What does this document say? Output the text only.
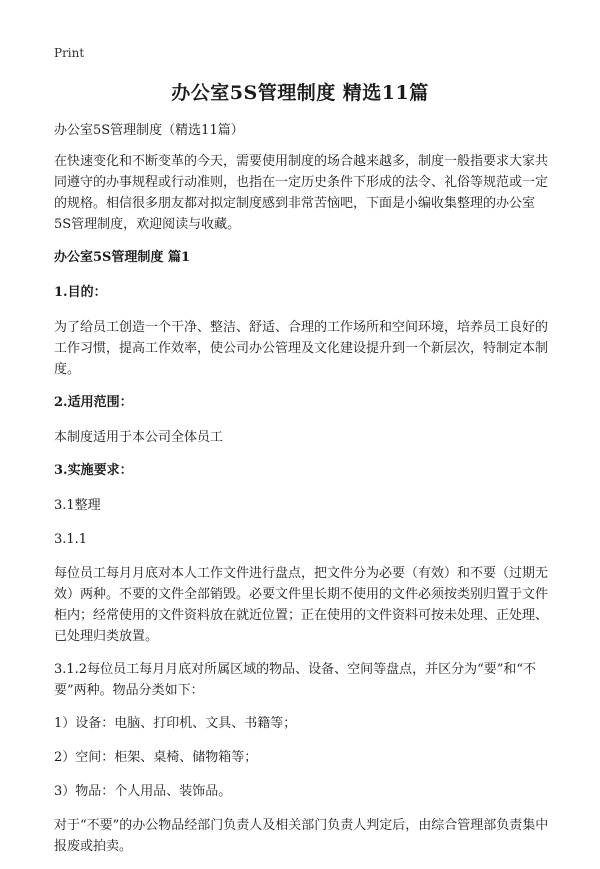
Print
办公室5S管理制度 精选11篇

办公室5S管理制度（精选11篇）

在快速变化和不断变革的今天，需要使用制度的场合越来越多，制度一般指要求大家共同遵守的办事规程或行动准则，也指在一定历史条件下形成的法令、礼俗等规范或一定的规格。相信很多朋友都对拟定制度感到非常苦恼吧，下面是小编收集整理的办公室5S管理制度，欢迎阅读与收藏。

办公室5S管理制度 篇1

1.目的：

为了给员工创造一个干净、整洁、舒适、合理的工作场所和空间环境，培养员工良好的工作习惯，提高工作效率，使公司办公管理及文化建设提升到一个新层次，特制定本制度。

2.适用范围：

本制度适用于本公司全体员工

3.实施要求：

3.1整理

3.1.1

每位员工每月月底对本人工作文件进行盘点，把文件分为必要（有效）和不要（过期无效）两种。不要的文件全部销毁。必要文件里长期不使用的文件必须按类别归置于文件柜内；经常使用的文件资料放在就近位置；正在使用的文件资料可按未处理、正处理、已处理归类放置。

3.1.2每位员工每月月底对所属区域的物品、设备、空间等盘点，并区分为“要”和“不要”两种。物品分类如下：

1）设备：电脑、打印机、文具、书籍等；

2）空间：柜架、桌椅、储物箱等；

3）物品：个人用品、装饰品。

对于“不要”的办公物品经部门负责人及相关部门负责人判定后，由综合管理部负责集中报废或拍卖。
